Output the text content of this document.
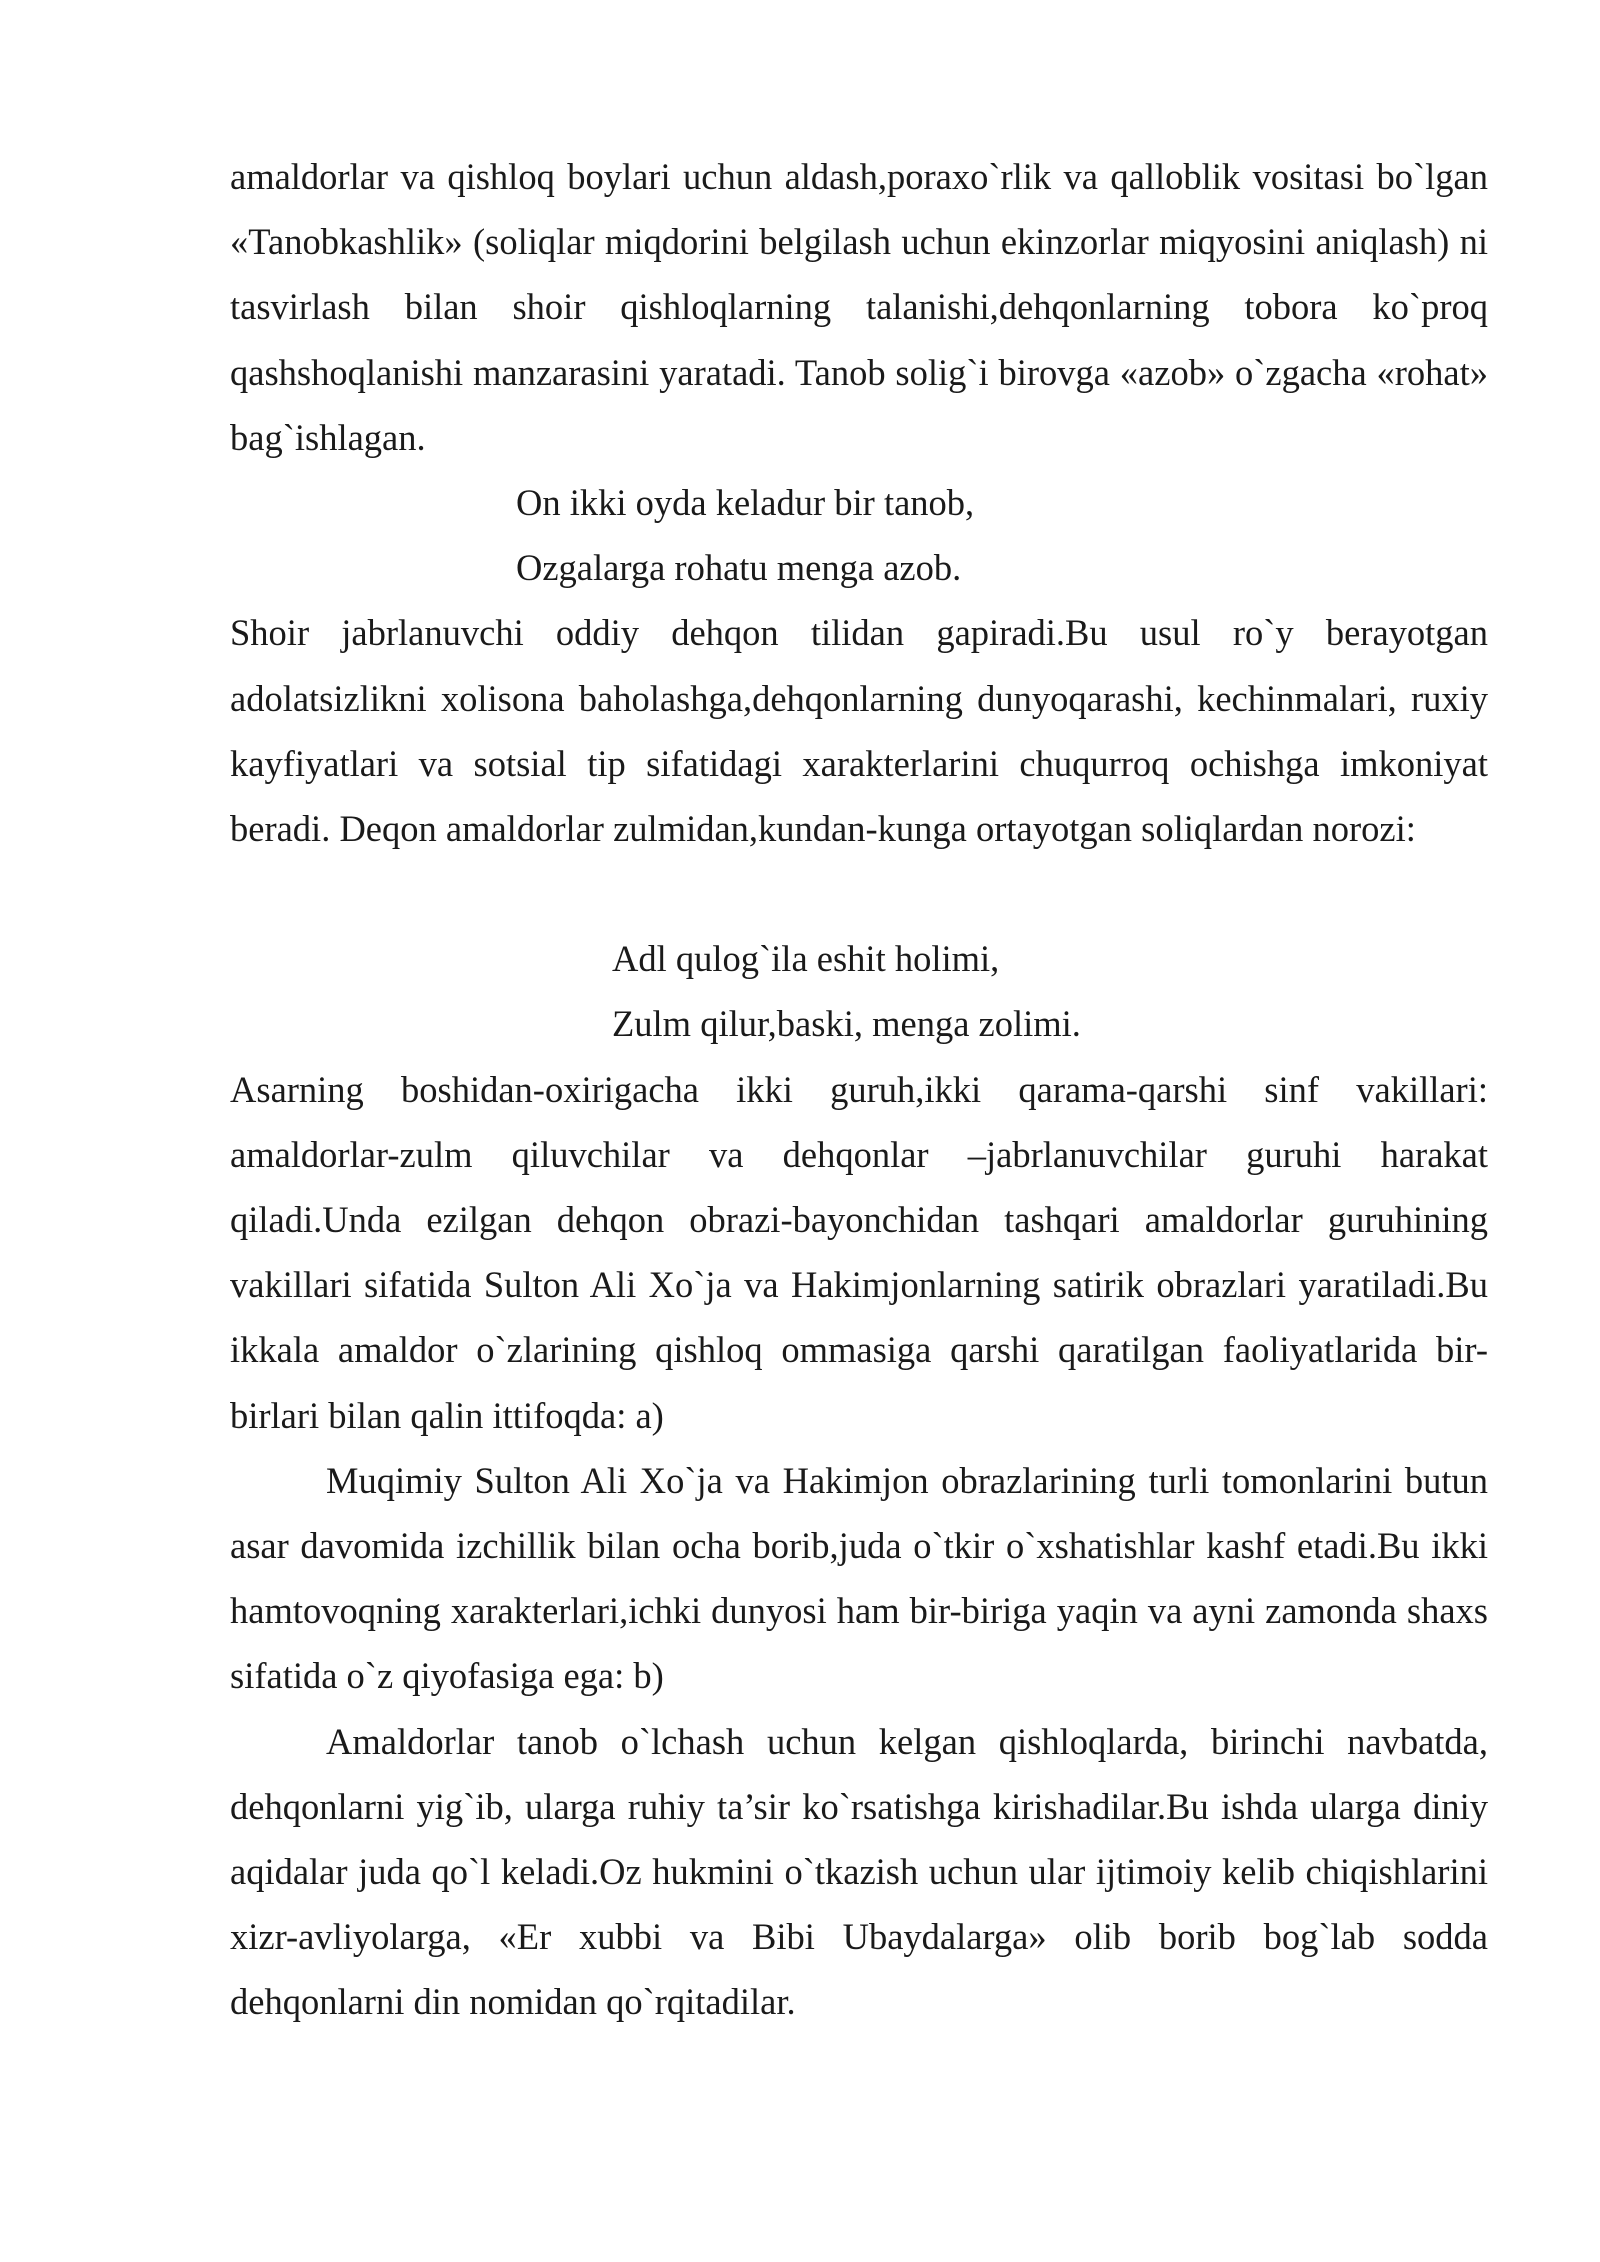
amaldorlar va qishloq boylari uchun aldash,poraxo`rlik va qalloblik vositasi bo`lgan «Tanobkashlik» (soliqlar miqdorini belgilash uchun ekinzorlar miqyosini aniqlash) ni tasvirlash bilan shoir qishloqlarning talanishi,dehqonlarning tobora ko`proq qashshoqlanishi manzarasini yaratadi. Tanob solig`i birovga «azob» o`zgacha «rohat» bag`ishlagan.

On ikki oyda keladur bir tanob,
Ozgalarga rohatu menga azob.

Shoir jabrlanuvchi oddiy dehqon tilidan gapiradi.Bu usul ro`y berayotgan adolatsizlikni xolisona baholashga,dehqonlarning dunyoqarashi, kechinmalari, ruxiy kayfiyatlari va sotsial tip sifatidagi xarakterlarini chuqurroq ochishga imkoniyat beradi. Deqon amaldorlar zulmidan,kundan-kunga ortayotgan soliqlardan norozi:

Adl qulog`ila eshit holimi,
Zulm qilur,baski, menga zolimi.

Asarning boshidan-oxirigacha ikki guruh,ikki qarama-qarshi sinf vakillari: amaldorlar-zulm qiluvchilar va dehqonlar –jabrlanuvchilar guruhi harakat qiladi.Unda ezilgan dehqon obrazi-bayonchidan tashqari amaldorlar guruhining vakillari sifatida Sulton Ali Xo`ja va Hakimjonlarning satirik obrazlari yaratiladi.Bu ikkala amaldor o`zlarining qishloq ommasiga qarshi qaratilgan faoliyatlarida bir-birlari bilan qalin ittifoqda: a)

Muqimiy Sulton Ali Xo`ja va Hakimjon obrazlarining turli tomonlarini butun asar davomida izchillik bilan ocha borib,juda o`tkir o`xshatishlar kashf etadi.Bu ikki hamtovoqning xarakterlari,ichki dunyosi ham bir-biriga yaqin va ayni zamonda shaxs sifatida o`z qiyofasiga ega: b)

Amaldorlar tanob o`lchash uchun kelgan qishloqlarda, birinchi navbatda, dehqonlarni yig`ib, ularga ruhiy ta’sir ko`rsatishga kirishadilar.Bu ishda ularga diniy aqidalar juda qo`l keladi.Oz hukmini o`tkazish uchun ular ijtimoiy kelib chiqishlarini xizr-avliyolarga, «Er xubbi va Bibi Ubaydalarga» olib borib bog`lab sodda dehqonlarni din nomidan qo`rqitadilar.
